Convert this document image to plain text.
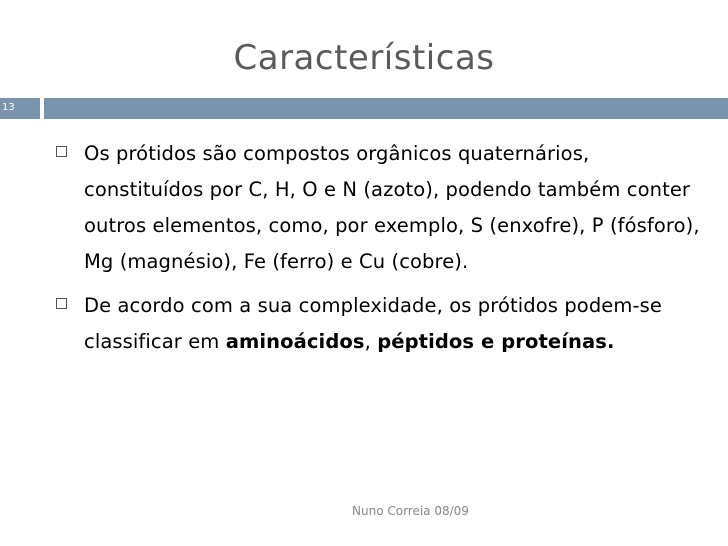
Características
13
Os prótidos são compostos orgânicos quaternários, constituídos por C, H, O e N (azoto), podendo também conter outros elementos, como, por exemplo, S (enxofre), P (fósforo), Mg (magnésio), Fe (ferro) e Cu (cobre).
De acordo com a sua complexidade, os prótidos podem-se classificar em aminoácidos, péptidos e proteínas.
Nuno Correia 08/09
